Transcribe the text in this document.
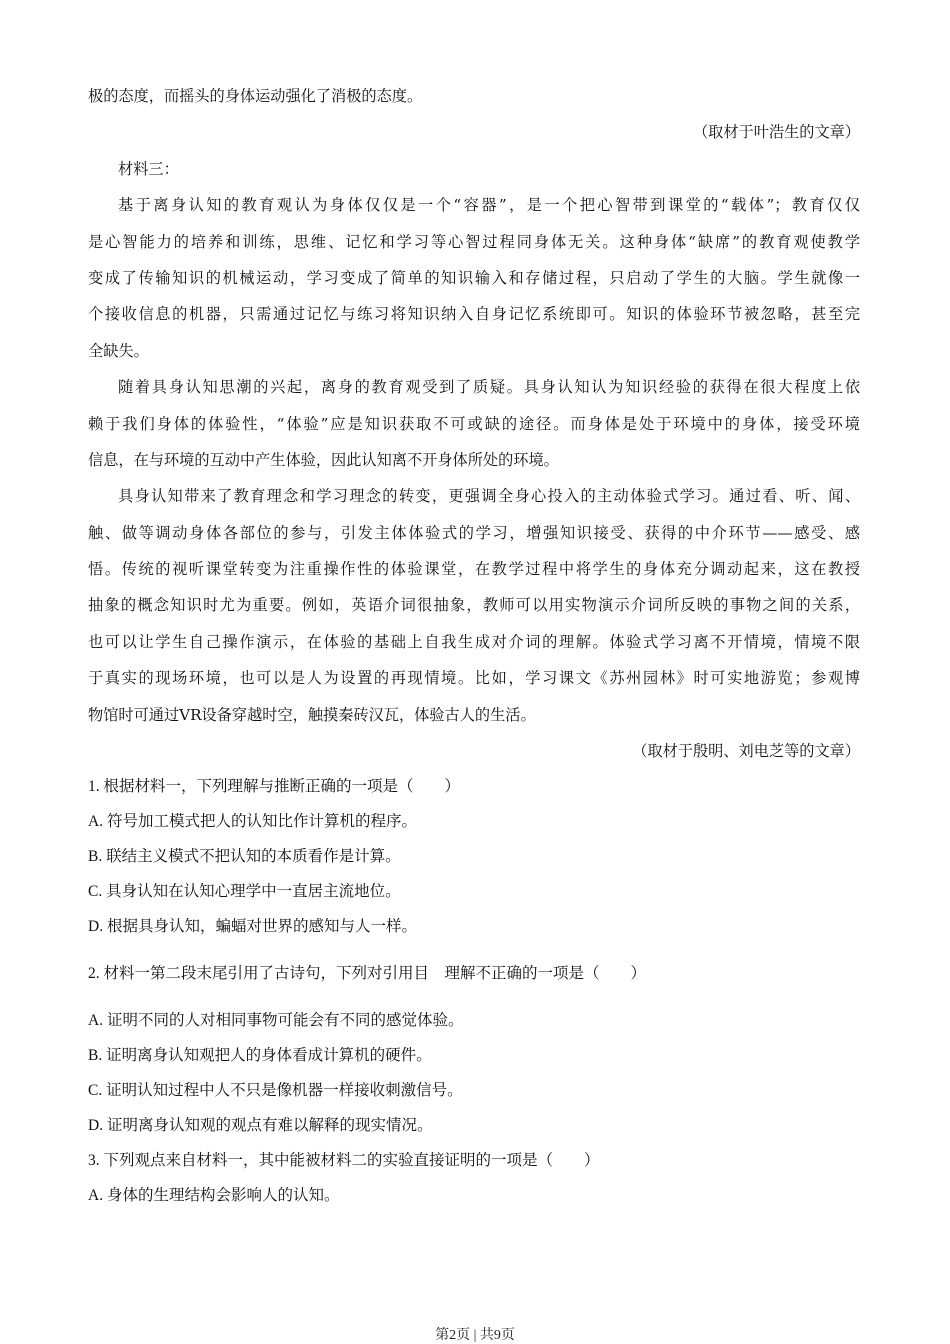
极的态度，而摇头的身体运动强化了消极的态度。
（取材于叶浩生的文章）
材料三：
基于离身认知的教育观认为身体仅仅是一个“容器”，是一个把心智带到课堂的“载体”；教育仅仅
是心智能力的培养和训练，思维、记忆和学习等心智过程同身体无关。这种身体“缺席”的教育观使教学
变成了传输知识的机械运动，学习变成了简单的知识输入和存储过程，只启动了学生的大脑。学生就像一
个接收信息的机器，只需通过记忆与练习将知识纳入自身记忆系统即可。知识的体验环节被忽略，甚至完
全缺失。
随着具身认知思潮的兴起，离身的教育观受到了质疑。具身认知认为知识经验的获得在很大程度上依
赖于我们身体的体验性，“体验”应是知识获取不可或缺的途径。而身体是处于环境中的身体，接受环境
信息，在与环境的互动中产生体验，因此认知离不开身体所处的环境。
具身认知带来了教育理念和学习理念的转变，更强调全身心投入的主动体验式学习。通过看、听、闻、
触、做等调动身体各部位的参与，引发主体体验式的学习，增强知识接受、获得的中介环节——感受、感
悟。传统的视听课堂转变为注重操作性的体验课堂，在教学过程中将学生的身体充分调动起来，这在教授
抽象的概念知识时尤为重要。例如，英语介词很抽象，教师可以用实物演示介词所反映的事物之间的关系，
也可以让学生自己操作演示，在体验的基础上自我生成对介词的理解。体验式学习离不开情境，情境不限
于真实的现场环境，也可以是人为设置的再现情境。比如，学习课文《苏州园林》时可实地游览；参观博
物馆时可通过VR设备穿越时空，触摸秦砖汉瓦，体验古人的生活。
（取材于殷明、刘电芝等的文章）
1. 根据材料一，下列理解与推断正确的一项是（　　）
A. 符号加工模式把人的认知比作计算机的程序。
B. 联结主义模式不把认知的本质看作是计算。
C. 具身认知在认知心理学中一直居主流地位。
D. 根据具身认知，蝙蝠对世界的感知与人一样。
2. 材料一第二段末尾引用了古诗句，下列对引用目　理解不正确的一项是（　　）
A. 证明不同的人对相同事物可能会有不同的感觉体验。
B. 证明离身认知观把人的身体看成计算机的硬件。
C. 证明认知过程中人不只是像机器一样接收刺激信号。
D. 证明离身认知观的观点有难以解释的现实情况。
3. 下列观点来自材料一，其中能被材料二的实验直接证明的一项是（　　）
A. 身体的生理结构会影响人的认知。
第2页 | 共9页
